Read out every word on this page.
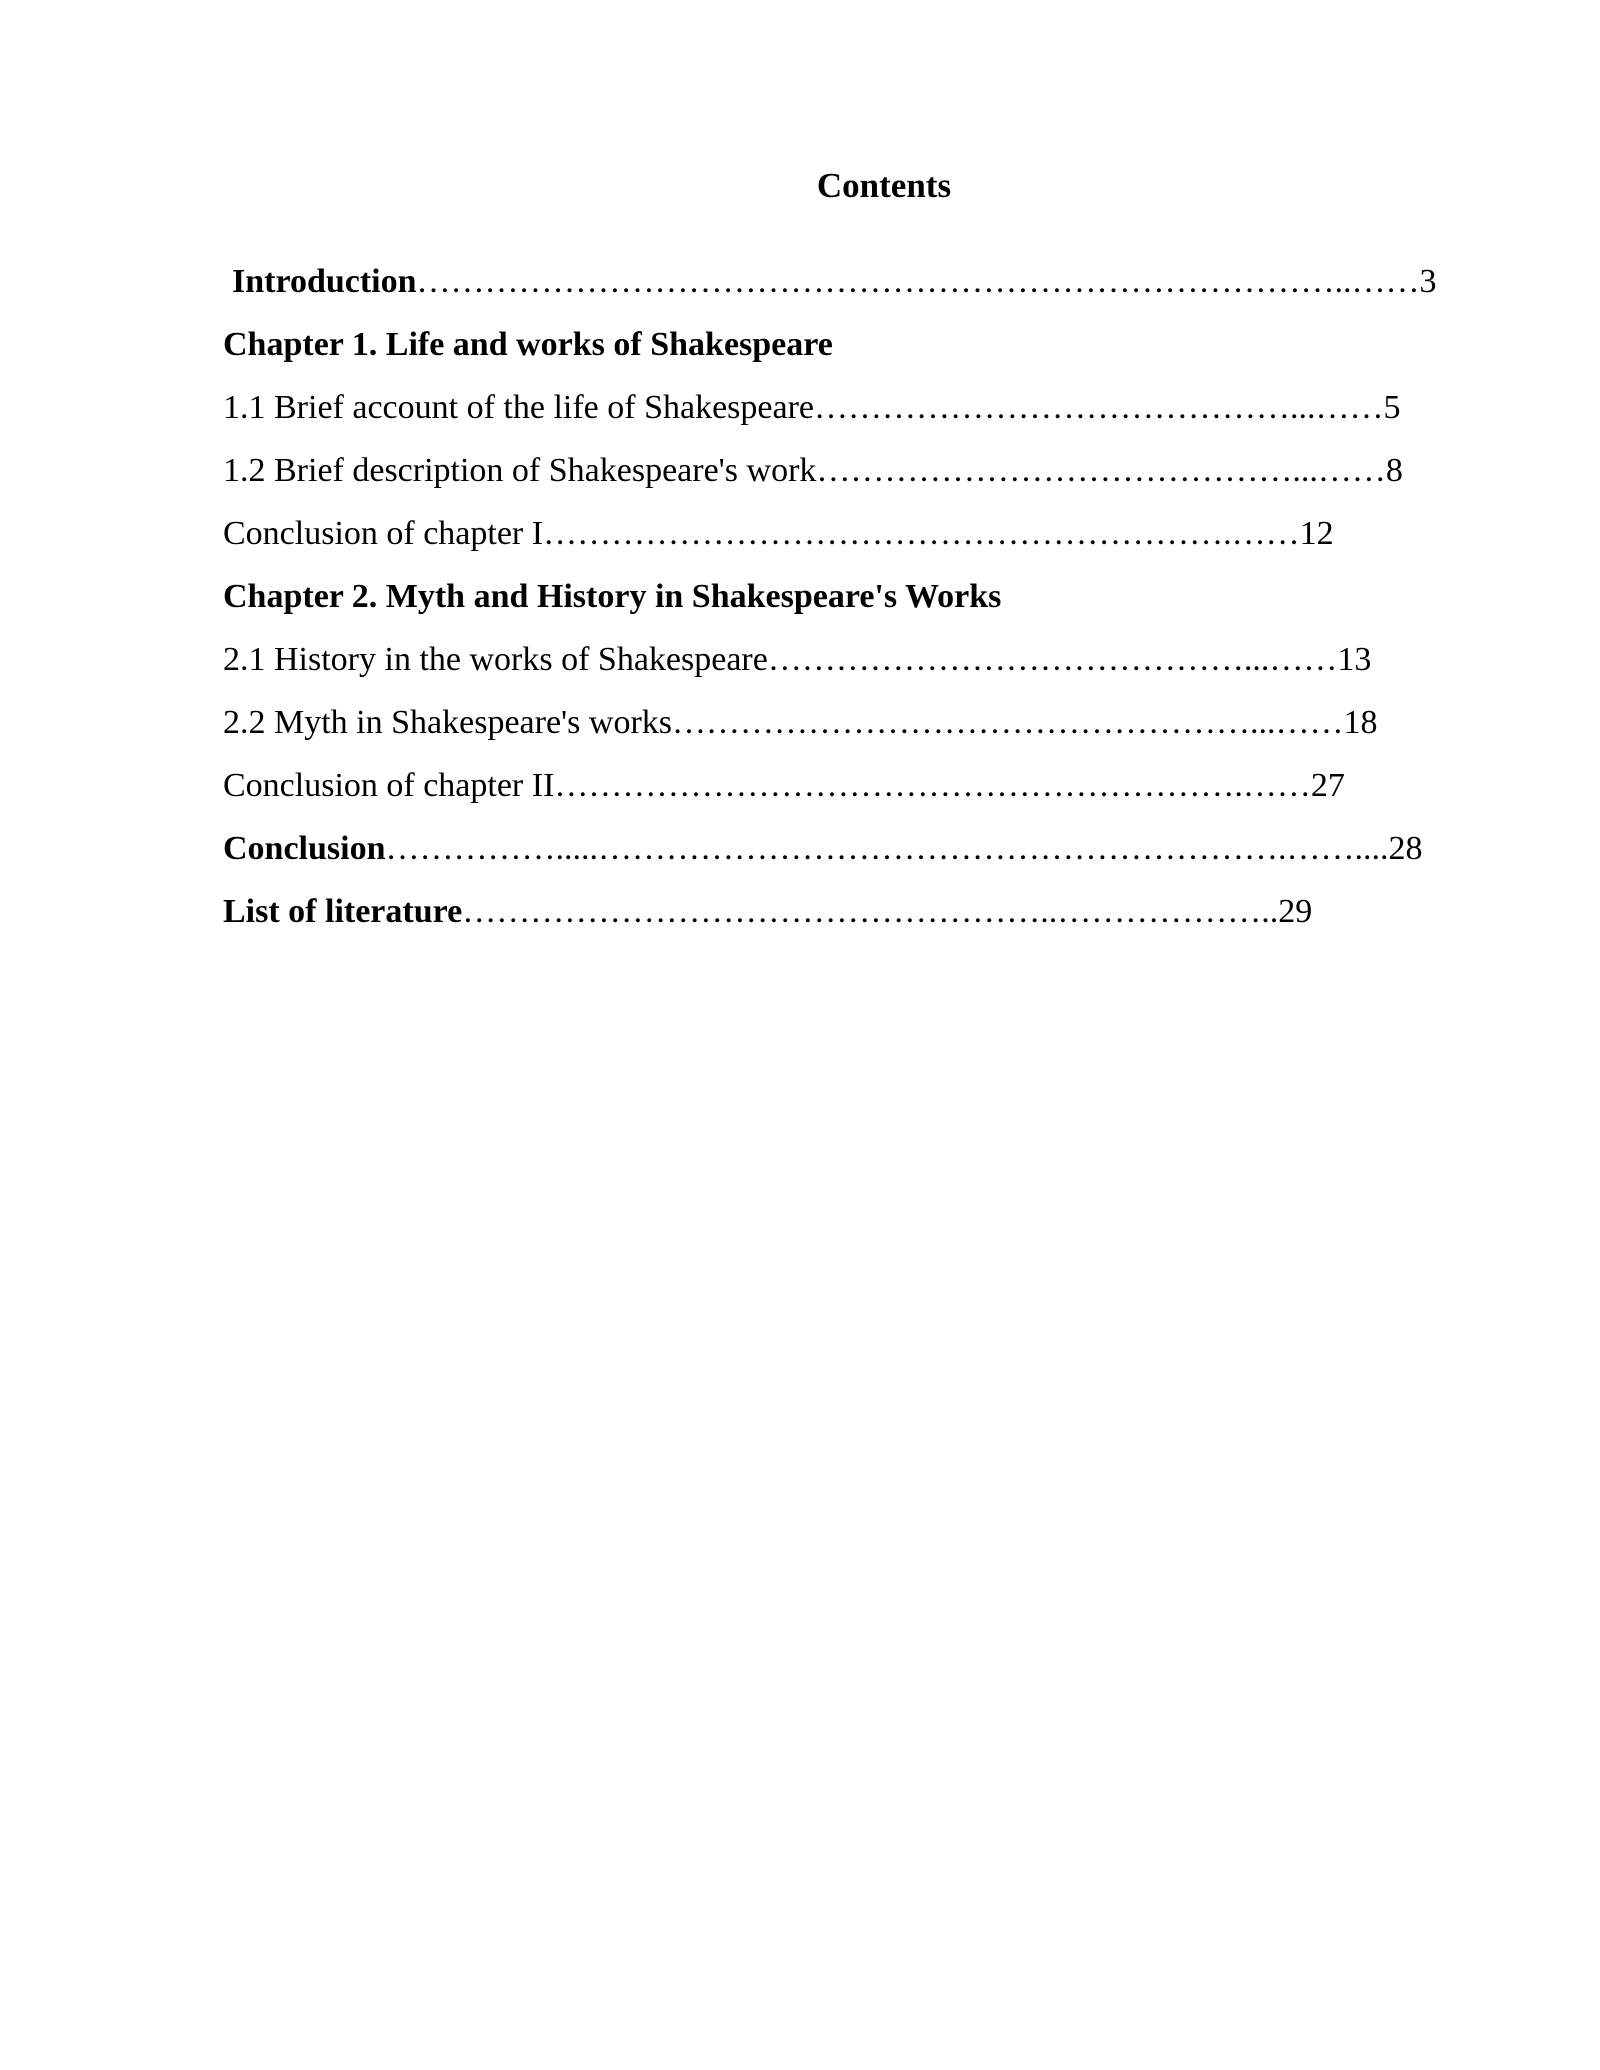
Contents
Introduction………………………………………………………………………..……3
Chapter 1. Life and works of Shakespeare
1.1 Brief account of the life of Shakespeare……………………………………...……5
1.2 Brief description of Shakespeare's work……………………………………...……8
Conclusion of chapter I…………………………………………………….……12
Chapter 2. Myth and History in Shakespeare's Works
2.1 History in the works of Shakespeare……………………………………...……13
2.2 Myth in Shakespeare's works……………………………………………...……18
Conclusion of chapter II…………………………………………………….……27
Conclusion…………….....…………………………………………………….……....28
List of literature……………………………………………..………………..29
